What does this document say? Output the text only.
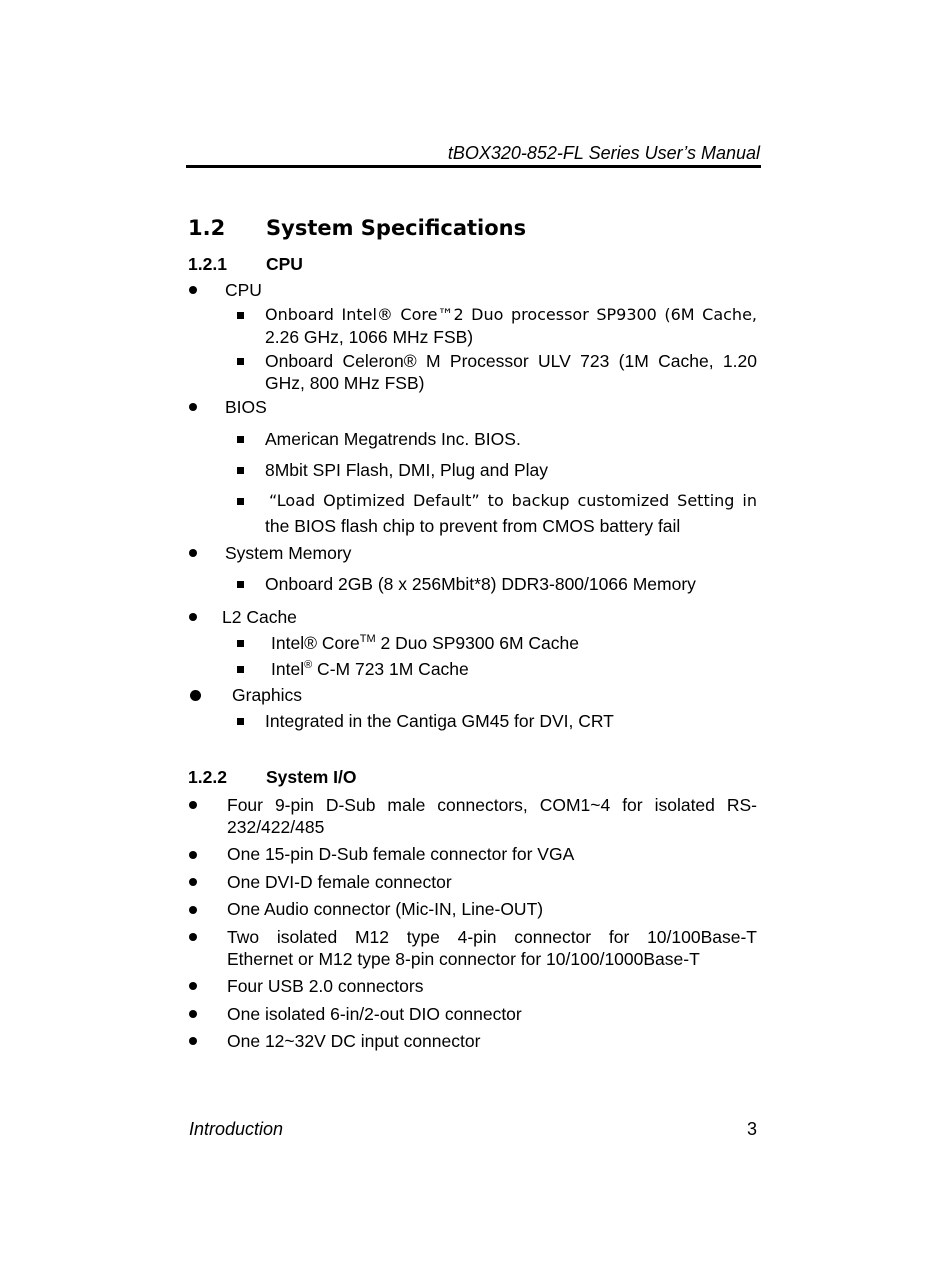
tBOX320-852-FL Series User’s Manual
1.2 System Specifications
1.2.1 CPU
CPU
Onboard Intel® Core™2 Duo processor SP9300 (6M Cache,
2.26 GHz, 1066 MHz FSB)
Onboard Celeron® M Processor ULV 723 (1M Cache, 1.20
GHz, 800 MHz FSB)
BIOS
American Megatrends Inc. BIOS.
8Mbit SPI Flash, DMI, Plug and Play
“Load Optimized Default” to backup customized Setting in
the BIOS flash chip to prevent from CMOS battery fail
System Memory
Onboard 2GB (8 x 256Mbit*8) DDR3-800/1066 Memory
L2 Cache
Intel® Core™ 2 Duo SP9300 6M Cache
Intel® C-M 723 1M Cache
Graphics
Integrated in the Cantiga GM45 for DVI, CRT
1.2.2 System I/O
Four 9-pin D-Sub male connectors, COM1~4 for isolated RS-
232/422/485
One 15-pin D-Sub female connector for VGA
One DVI-D female connector
One Audio connector (Mic-IN, Line-OUT)
Two isolated M12 type 4-pin connector for 10/100Base-T
Ethernet or M12 type 8-pin connector for 10/100/1000Base-T
Four USB 2.0 connectors
One isolated 6-in/2-out DIO connector
One 12~32V DC input connector
Introduction	3
